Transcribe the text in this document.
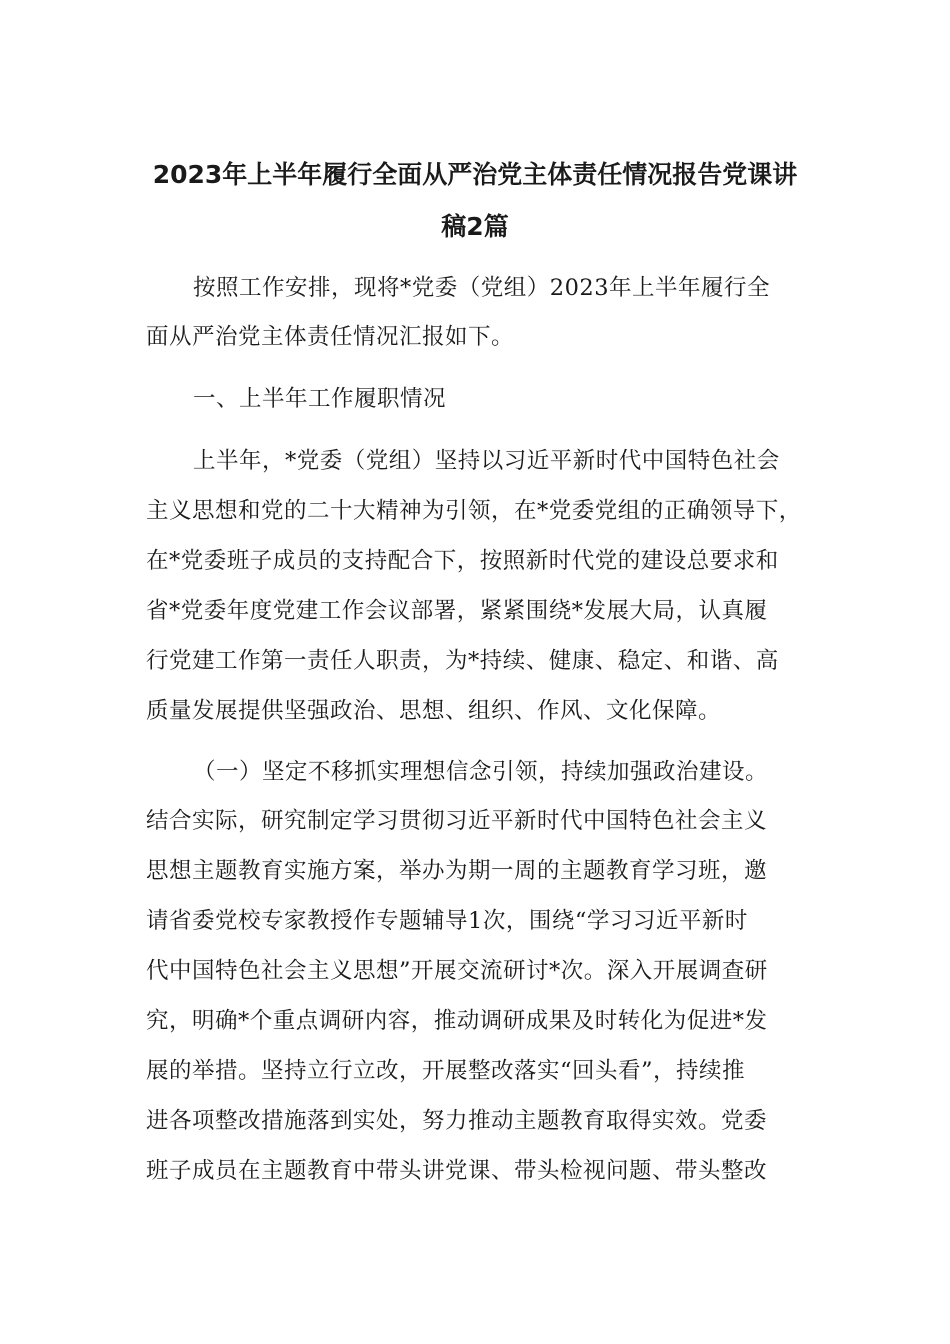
2023年上半年履行全面从严治党主体责任情况报告党课讲
稿2篇

按照工作安排，现将*党委（党组）2023年上半年履行全

面从严治党主体责任情况汇报如下。

一、上半年工作履职情况

上半年，*党委（党组）坚持以习近平新时代中国特色社会

主义思想和党的二十大精神为引领，在*党委党组的正确领导下，

在*党委班子成员的支持配合下，按照新时代党的建设总要求和

省*党委年度党建工作会议部署，紧紧围绕*发展大局，认真履

行党建工作第一责任人职责，为*持续、健康、稳定、和谐、高

质量发展提供坚强政治、思想、组织、作风、文化保障。

（一）坚定不移抓实理想信念引领，持续加强政治建设。

结合实际，研究制定学习贯彻习近平新时代中国特色社会主义

思想主题教育实施方案，举办为期一周的主题教育学习班，邀

请省委党校专家教授作专题辅导1次，围绕“学习习近平新时

代中国特色社会主义思想”开展交流研讨*次。深入开展调查研

究，明确*个重点调研内容，推动调研成果及时转化为促进*发

展的举措。坚持立行立改，开展整改落实“回头看”，持续推

进各项整改措施落到实处，努力推动主题教育取得实效。党委

班子成员在主题教育中带头讲党课、带头检视问题、带头整改
